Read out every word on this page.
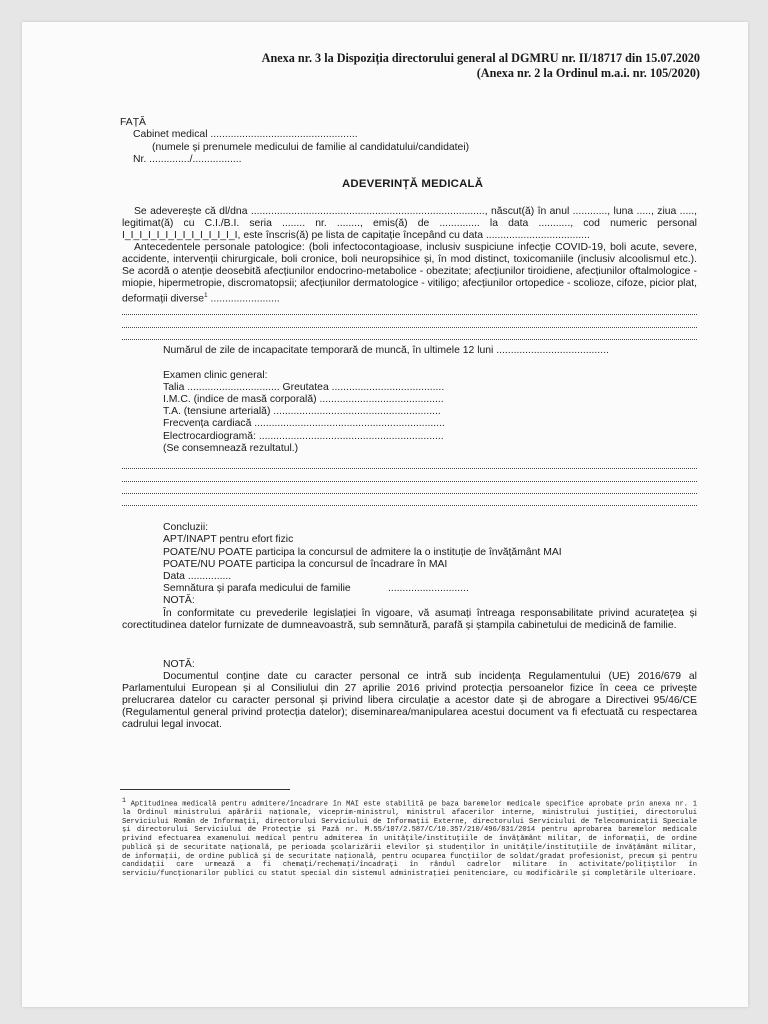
Anexa nr. 3 la Dispoziția directorului general al DGMRU nr. II/18717 din 15.07.2020
(Anexa nr. 2 la Ordinul m.a.i. nr. 105/2020)
FAȚĂ
Cabinet medical ...................................................
(numele și prenumele medicului de familie al candidatului/candidatei)
Nr. ............../.................
ADEVERINȚĂ MEDICALĂ
Se adeverește că dl/dna ................................................................................., născut(ă) în anul ............, luna ....., ziua ....., legitimat(ă) cu C.I./B.I. seria ........ nr. ........, emis(ă) de .............. la data ..........., cod numeric personal I_I_I_I_I_I_I_I_I_I_I_I_I_I, este înscris(ă) pe lista de capitație începând cu data ....................................
Antecedentele personale patologice: (boli infectocontagioase, inclusiv suspiciune infecție COVID-19, boli acute, severe, accidente, intervenții chirurgicale, boli cronice, boli neuropsihice și, în mod distinct, toxicomaniile (inclusiv alcoolismul etc.). Se acordă o atenție deosebită afecțiunilor endocrino-metabolice - obezitate; afecțiunilor tiroidiene, afecțiunilor oftalmologice - miopie, hipermetropie, discromatopsii; afecțiunilor dermatologice - vitiligo; afecțiunilor ortopedice - scolioze, cifoze, picior plat, deformații diverse$^1$ ........................
Numărul de zile de incapacitate temporară de muncă, în ultimele 12 luni .......................................
Examen clinic general:
Talia ................................ Greutatea .......................................
I.M.C. (indice de masă corporală) ...........................................
T.A. (tensiune arterială) ..........................................................
Frecvența cardiacă ..................................................................
Electrocardiogramă: ................................................................
(Se consemnează rezultatul.)
Concluzii:
APT/INAPT pentru efort fizic
POATE/NU POATE participa la concursul de admitere la o instituție de învățământ MAI
POATE/NU POATE participa la concursul de încadrare în MAI
Data ...............
Semnătura și parafa medicului de familie	............................
NOTĂ:
În conformitate cu prevederile legislației în vigoare, vă asumați întreaga responsabilitate privind acuratețea și corectitudinea datelor furnizate de dumneavoastră, sub semnătură, parafă și ștampila cabinetului de medicină de familie.
NOTĂ:
Documentul conține date cu caracter personal ce intră sub incidența Regulamentului (UE) 2016/679 al Parlamentului European și al Consiliului din 27 aprilie 2016 privind protecția persoanelor fizice în ceea ce privește prelucrarea datelor cu caracter personal și privind libera circulație a acestor date și de abrogare a Directivei 95/46/CE (Regulamentul general privind protecția datelor); diseminarea/manipularea acestui document va fi efectuată cu respectarea cadrului legal invocat.
$^1$ Aptitudinea medicală pentru admitere/încadrare în MAI este stabilită pe baza baremelor medicale specifice aprobate prin anexa nr. 1 la Ordinul ministrului apărării naționale, viceprim-ministrul, ministrul afacerilor interne, ministrului justiției, directorului Serviciului Român de Informații, directorului Serviciului de Informații Externe, directorului Serviciului de Telecomunicații Speciale și directorului Serviciului de Protecție și Pază nr. M.55/107/2.587/C/10.357/210/496/831/2014 pentru aprobarea baremelor medicale privind efectuarea examenului medical pentru admiterea în unitățile/instituțiile de învățământ militar, de informații, de ordine publică și de securitate națională, pe perioada școlarizării elevilor și studenților în unitățile/instituțiile de învățământ militar, de informații, de ordine publică și de securitate națională, pentru ocuparea funcțiilor de soldat/gradat profesionist, precum și pentru candidații care urmează a fi chemați/rechemați/încadrați în rândul cadrelor militare în activitate/polițiștilor în serviciu/funcționarilor publici cu statut special din sistemul administrației penitenciare, cu modificările și completările ulterioare.
